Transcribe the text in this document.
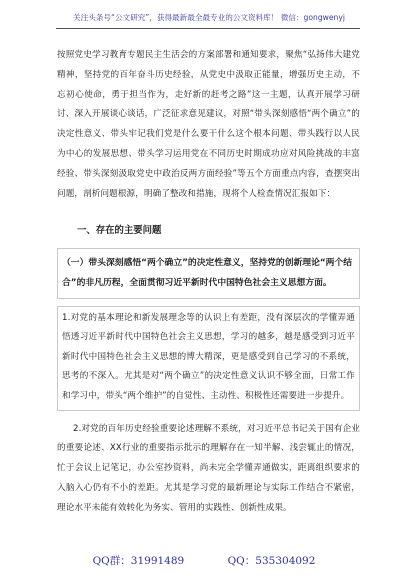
关注头条号“公文研究”，获得最新最全最专业的公文资料库！ 微信：gongwenyj

按照党史学习教育专题民主生活会的方案部署和通知要求，聚焦“弘扬伟大建党精神，坚持党的百年奋斗历史经验，从党史中汲取正能量，增强历史主动，不忘初心使命，勇于担当作为，走好新的赶考之路”这一主题，认真开展学习研讨、深入开展谈心谈话，广泛征求意见建议，对照“带头深刻感悟“两个确立”的决定性意义、带头牢记我们党是什么要干什么这个根本问题、带头践行以人民为中心的发展思想、带头学习运用党在不同历史时期成功应对风险挑战的丰富经验、带头深刻汲取党史中政治反两方面经验”等五个方面重点内容，查摆突出问题，剖析问题根源，明确了整改和措施，现将个人检查情况汇报如下：

一、存在的主要问题
（一）带头深刻感悟“两个确立”的决定性意义，坚持党的创新理论“两个结合”的非凡历程，全面贯彻习近平新时代中国特色社会主义思想方面。

1.对党的基本理论和新发展理念等的认识上有差距，没有深层次的学懂弄通悟透习近平新时代中国特色社会主义思想，学习的越多，越是感受到习近平新时代中国特色社会主义思想的博大精深，更是感受到自己学习的不系统，思考的不深入。尤其是对“两个确立”的决定性意义认识不够全面，日常工作和学习中，带头“两个维护”的自觉性、主动性、积极性还需要进一步提升。

2.对党的百年历史经验重要论述理解不系统，对习近平总书记关于国有企业的重要论述、XX行业的重要指示批示的理解存在一知半解、浅尝辄止的情况，忙于会议上记笔记，办公室抄资料，尚未完全学懂弄通做实，距离组织要求的入脑入心仍有不小的差距。尤其是学习党的最新理论与实际工作结合不紧密，理论水平未能有效转化为务实、管用的实践性、创新性成果。

QQ群：31991489	QQ：535304092
